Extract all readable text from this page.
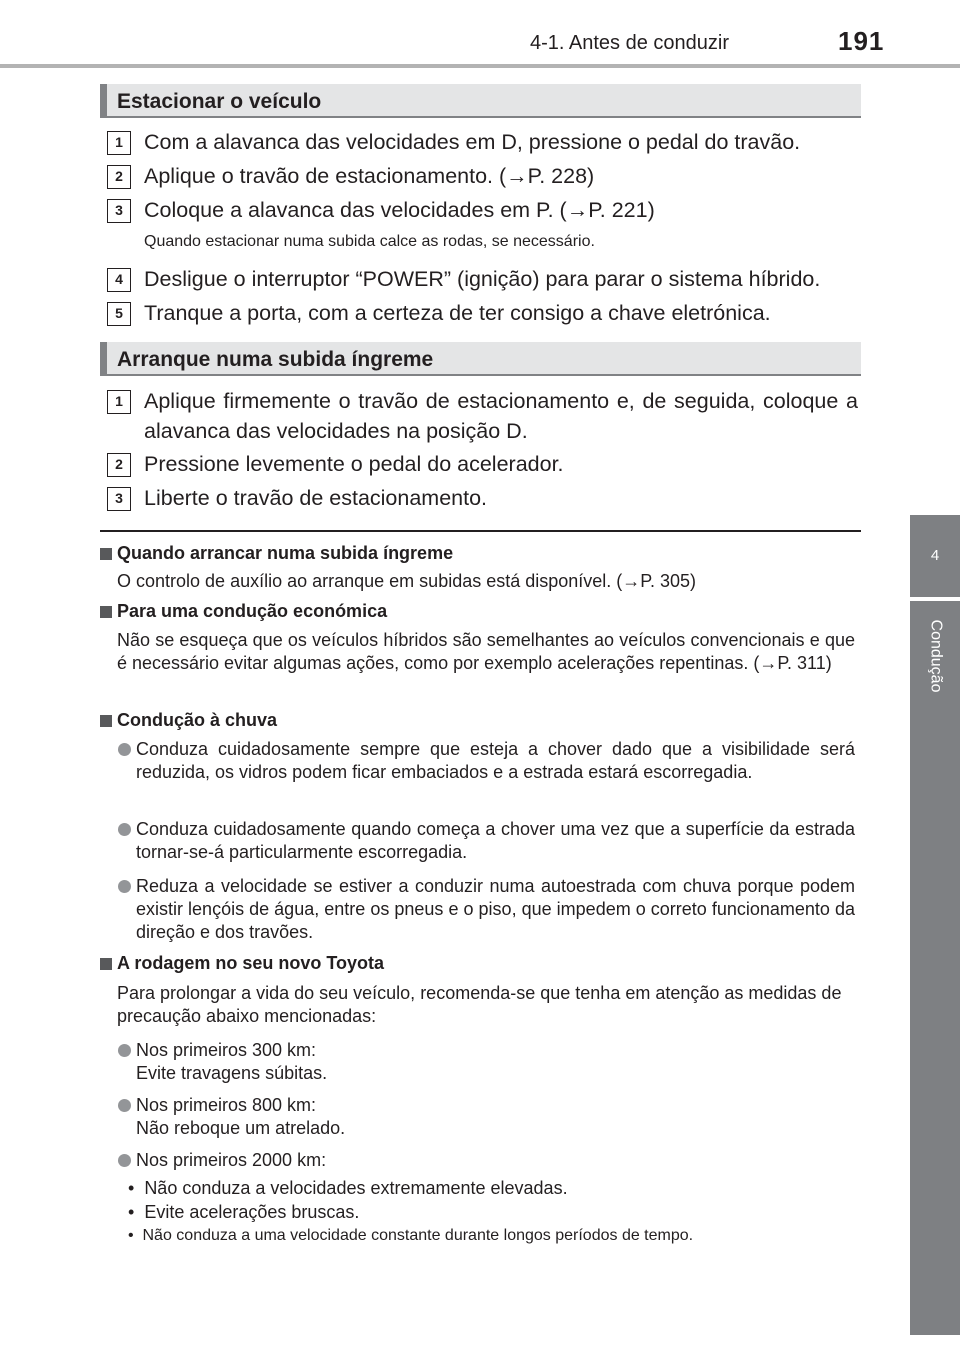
4-1. Antes de conduzir	191
4
Condução
Estacionar o veículo
1 Com a alavanca das velocidades em D, pressione o pedal do travão.
2 Aplique o travão de estacionamento. (→P. 228)
3 Coloque a alavanca das velocidades em P. (→P. 221)
Quando estacionar numa subida calce as rodas, se necessário.
4 Desligue o interruptor “POWER” (ignição) para parar o sistema híbrido.
5 Tranque a porta, com a certeza de ter consigo a chave eletrónica.
Arranque numa subida íngreme
1 Aplique firmemente o travão de estacionamento e, de seguida, coloque a alavanca das velocidades na posição D.
2 Pressione levemente o pedal do acelerador.
3 Liberte o travão de estacionamento.
Quando arrancar numa subida íngreme
O controlo de auxílio ao arranque em subidas está disponível. (→P. 305)
Para uma condução económica
Não se esqueça que os veículos híbridos são semelhantes ao veículos convencionais e que é necessário evitar algumas ações, como por exemplo acelerações repentinas. (→P. 311)
Condução à chuva
Conduza cuidadosamente sempre que esteja a chover dado que a visibilidade será reduzida, os vidros podem ficar embaciados e a estrada estará escorregadia.
Conduza cuidadosamente quando começa a chover uma vez que a superfície da estrada tornar-se-á particularmente escorregadia.
Reduza a velocidade se estiver a conduzir numa autoestrada com chuva porque podem existir lençóis de água, entre os pneus e o piso, que impedem o correto funcionamento da direção e dos travões.
A rodagem no seu novo Toyota
Para prolongar a vida do seu veículo, recomenda-se que tenha em atenção as medidas de precaução abaixo mencionadas:
Nos primeiros 300 km:
Evite travagens súbitas.
Nos primeiros 800 km:
Não reboque um atrelado.
Nos primeiros 2000 km:
•  Não conduza a velocidades extremamente elevadas.
•  Evite acelerações bruscas.
•  Não conduza a uma velocidade constante durante longos períodos de tempo.
